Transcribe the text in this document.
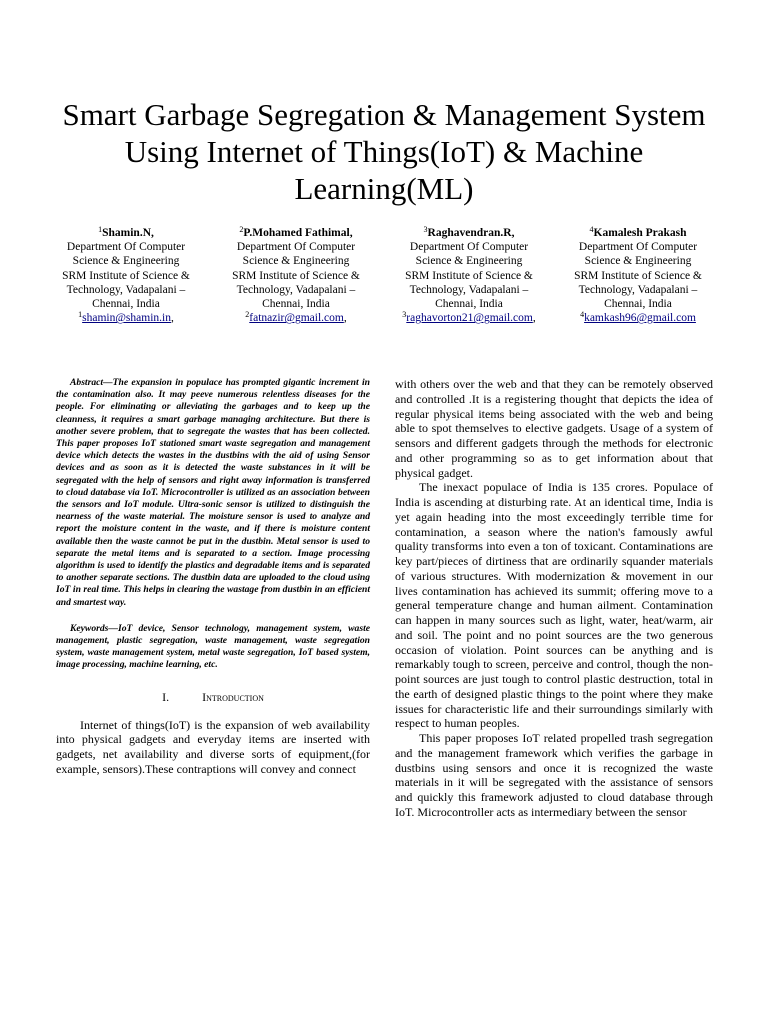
Smart Garbage Segregation & Management System
Using Internet of Things(IoT) & Machine
Learning(ML)
$^1$Shamin.N,
Department Of Computer
Science & Engineering
SRM Institute of Science &
Technology, Vadapalani –
Chennai, India
$^1$shamin@shamin.in,
$^2$P.Mohamed Fathimal,
Department Of Computer
Science & Engineering
SRM Institute of Science &
Technology, Vadapalani –
Chennai, India
$^2$fatnazir@gmail.com,
$^3$Raghavendran.R,
Department Of Computer
Science & Engineering
SRM Institute of Science &
Technology, Vadapalani –
Chennai, India
$^3$raghavorton21@gmail.com,
$^4$Kamalesh Prakash
Department Of Computer
Science & Engineering
SRM Institute of Science &
Technology, Vadapalani –
Chennai, India
$^4$kamkash96@gmail.com

Abstract—The expansion in populace has prompted gigantic increment in the contamination also. It may peeve numerous relentless diseases for the people. For eliminating or alleviating the garbages and to keep up the cleanness, it requires a smart garbage managing architecture. But there is another severe problem, that to segregate the wastes that has been collected. This paper proposes IoT stationed smart waste segregation and management device which detects the wastes in the dustbins with the aid of using Sensor devices and as soon as it is detected the waste substances in it will be segregated with the help of sensors and right away information is transferred to cloud database via IoT. Microcontroller is utilized as an association between the sensors and IoT module. Ultra-sonic sensor is utilized to distinguish the nearness of the waste material. The moisture sensor is used to analyze and report the moisture content in the waste, and if there is moisture content available then the waste cannot be put in the dustbin. Metal sensor is used to separate the metal items and is separated to a section. Image processing algorithm is used to identify the plastics and degradable items and is separated to another separate sections. The dustbin data are uploaded to the cloud using IoT in real time. This helps in clearing the wastage from dustbin in an efficient and smartest way.

Keywords—IoT device, Sensor technology, management system, waste management, plastic segregation, waste management, waste segregation system, waste management system, metal waste segregation, IoT based system, image processing, machine learning, etc.

I.	Introduction

Internet of things(IoT) is the expansion of web availability into physical gadgets and everyday items are inserted with gadgets, net availability and diverse sorts of equipment,(for example, sensors).These contraptions will convey and connect

with others over the web and that they can be remotely observed and controlled .It is a registering thought that depicts the idea of regular physical items being associated with the web and being able to spot themselves to elective gadgets. Usage of a system of sensors and different gadgets through the methods for electronic and other programming so as to get information about that physical gadget.

The inexact populace of India is 135 crores. Populace of India is ascending at disturbing rate. At an identical time, India is yet again heading into the most exceedingly terrible time for contamination, a season where the nation's famously awful quality transforms into even a ton of toxicant. Contaminations are key part/pieces of dirtiness that are ordinarily squander materials of various structures. With modernization & movement in our lives contamination has achieved its summit; offering move to a general temperature change and human ailment. Contamination can happen in many sources such as light, water, heat/warm, air and soil. The point and no point sources are the two generous occasion of violation. Point sources can be anything and is remarkably tough to screen, perceive and control, though the non-point sources are just tough to control plastic destruction, total in the earth of designed plastic things to the point where they make issues for characteristic life and their surroundings similarly with respect to human peoples.

This paper proposes IoT related propelled trash segregation and the management framework which verifies the garbage in dustbins using sensors and once it is recognized the waste materials in it will be segregated with the assistance of sensors and quickly this framework adjusted to cloud database through IoT. Microcontroller acts as intermediary between the sensor
